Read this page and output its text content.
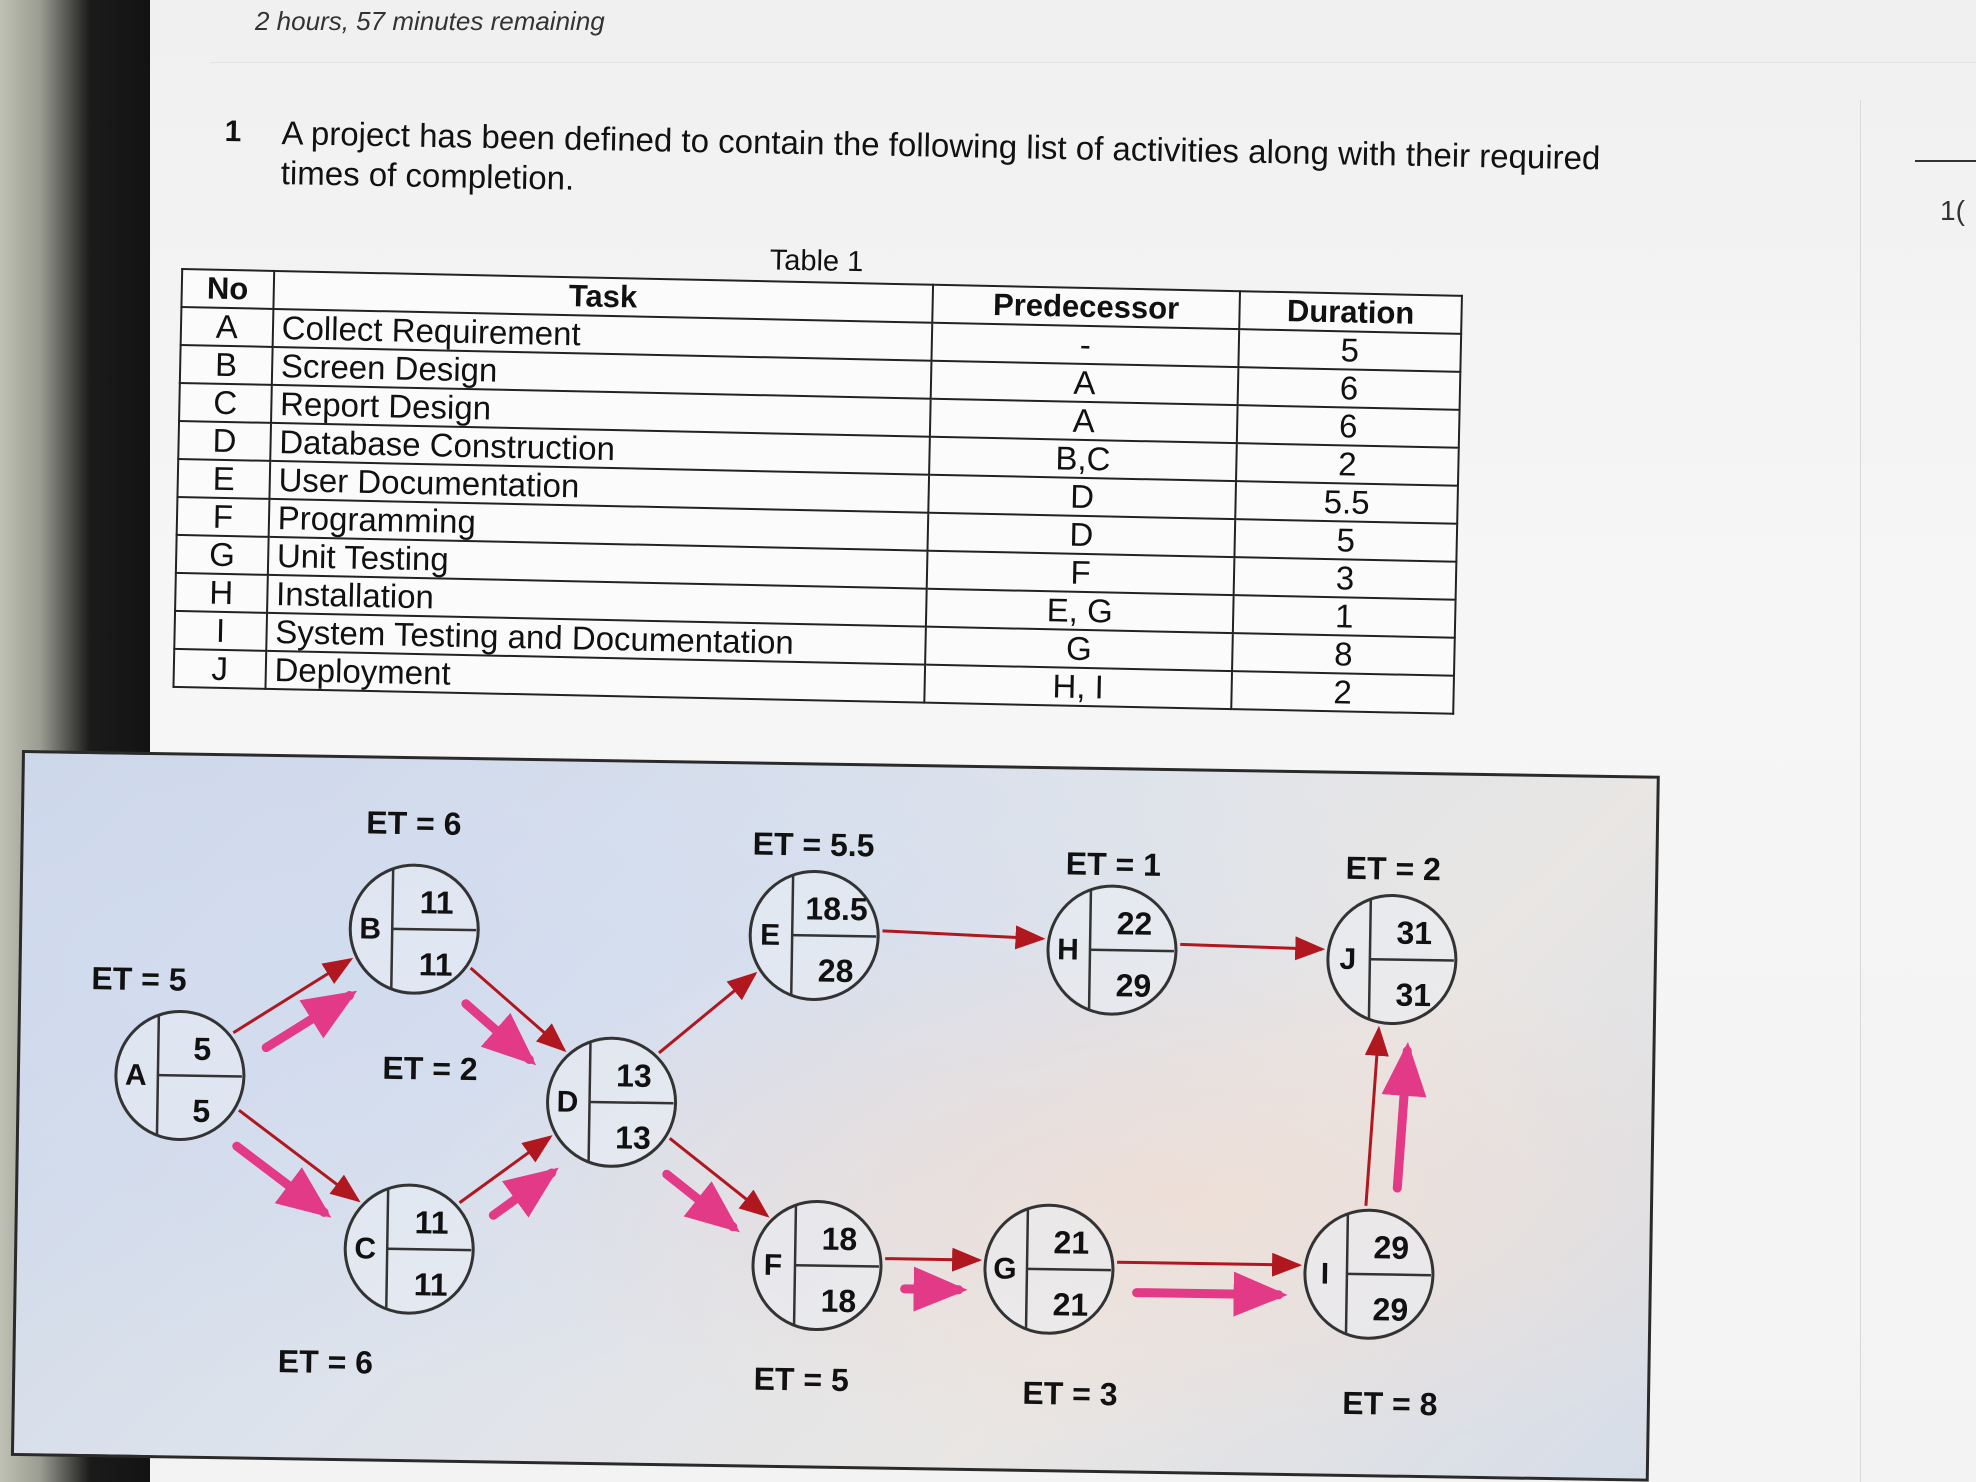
2 hours, 57 minutes remaining
1(
1 A project has been defined to contain the following list of activities along with their required times of completion.
Table 1
No	Task	Predecessor	Duration
A	Collect Requirement	-	5
B	Screen Design	A	6
C	Report Design	A	6
D	Database Construction	B,C	2
E	User Documentation	D	5.5
F	Programming	D	5
G	Unit Testing	F	3
H	Installation	E, G	1
I	System Testing and Documentation	G	8
J	Deployment	H, I	2
A
5
5
ET = 5
B
11
11
ET = 6
C
11
11
ET = 6
D
13
13
ET = 2
E
18.5
28
ET = 5.5
F
18
18
ET = 5
G
21
21
ET = 3
H
22
29
ET = 1
I
29
29
ET = 8
J
31
31
ET = 2
